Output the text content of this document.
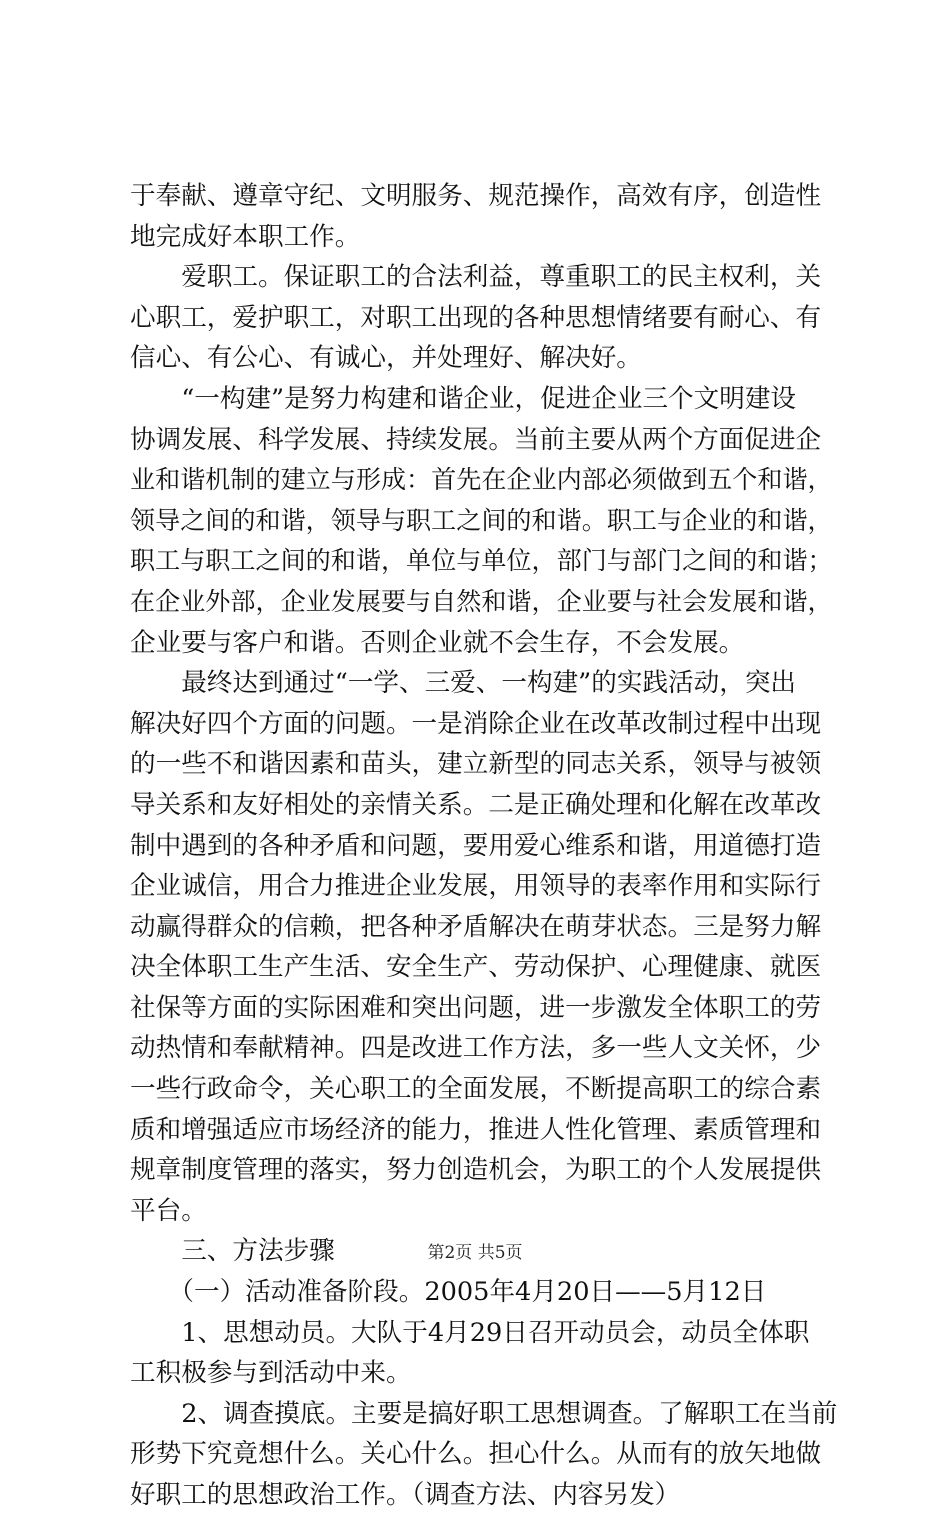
于奉献、遵章守纪、文明服务、规范操作，高效有序，创造性
地完成好本职工作。
　　爱职工。保证职工的合法利益，尊重职工的民主权利，关
心职工，爱护职工，对职工出现的各种思想情绪要有耐心、有
信心、有公心、有诚心，并处理好、解决好。
　　“一构建”是努力构建和谐企业，促进企业三个文明建设
协调发展、科学发展、持续发展。当前主要从两个方面促进企
业和谐机制的建立与形成：首先在企业内部必须做到五个和谐，
领导之间的和谐，领导与职工之间的和谐。职工与企业的和谐，
职工与职工之间的和谐，单位与单位，部门与部门之间的和谐；
在企业外部，企业发展要与自然和谐，企业要与社会发展和谐，
企业要与客户和谐。否则企业就不会生存，不会发展。
　　最终达到通过“一学、三爱、一构建”的实践活动，突出
解决好四个方面的问题。一是消除企业在改革改制过程中出现
的一些不和谐因素和苗头，建立新型的同志关系，领导与被领
导关系和友好相处的亲情关系。二是正确处理和化解在改革改
制中遇到的各种矛盾和问题，要用爱心维系和谐，用道德打造
企业诚信，用合力推进企业发展，用领导的表率作用和实际行
动赢得群众的信赖，把各种矛盾解决在萌芽状态。三是努力解
决全体职工生产生活、安全生产、劳动保护、心理健康、就医
社保等方面的实际困难和突出问题，进一步激发全体职工的劳
动热情和奉献精神。四是改进工作方法，多一些人文关怀，少
一些行政命令，关心职工的全面发展，不断提高职工的综合素
质和增强适应市场经济的能力，推进人性化管理、素质管理和
规章制度管理的落实，努力创造机会，为职工的个人发展提供
平台。
　　三、方法步骤
　　（一）活动准备阶段。2005年4月20日——5月12日
　　1、思想动员。大队于4月29日召开动员会，动员全体职
工积极参与到活动中来。
　　2、调查摸底。主要是搞好职工思想调查。了解职工在当前
形势下究竟想什么。关心什么。担心什么。从而有的放矢地做
好职工的思想政治工作。（调查方法、内容另发）
第2页 共5页
